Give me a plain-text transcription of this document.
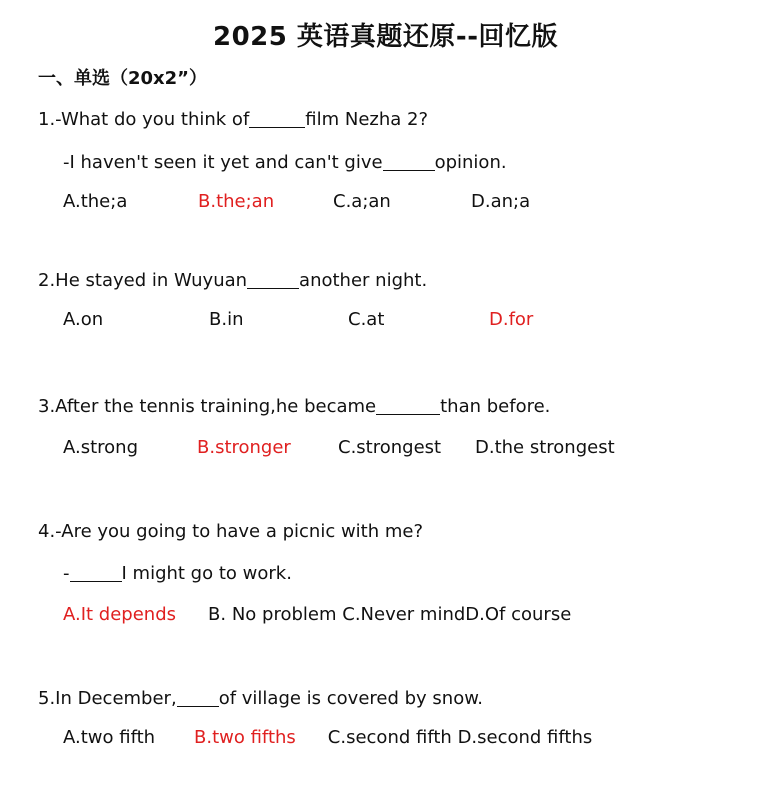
2025 英语真题还原--回忆版
一、单选（20x2”）
1.-What do you think of	film Nezha 2?
-I haven't seen it yet and can't give	opinion.
A.the;a	B.the;an	C.a;an	D.an;a
2.He stayed in Wuyuan	another night.
A.on	B.in	C.at	D.for
3.After the tennis training,he became	than before.
A.strong	B.stronger	C.strongest D.the strongest
4.-Are you going to have a picnic with me?
-	I might go to work.
A.It depends B. No problem C.Never mindD.Of course
5.In December, of village is covered by snow.
A.two fifth B.two fifths C.second fifth D.second fifths
